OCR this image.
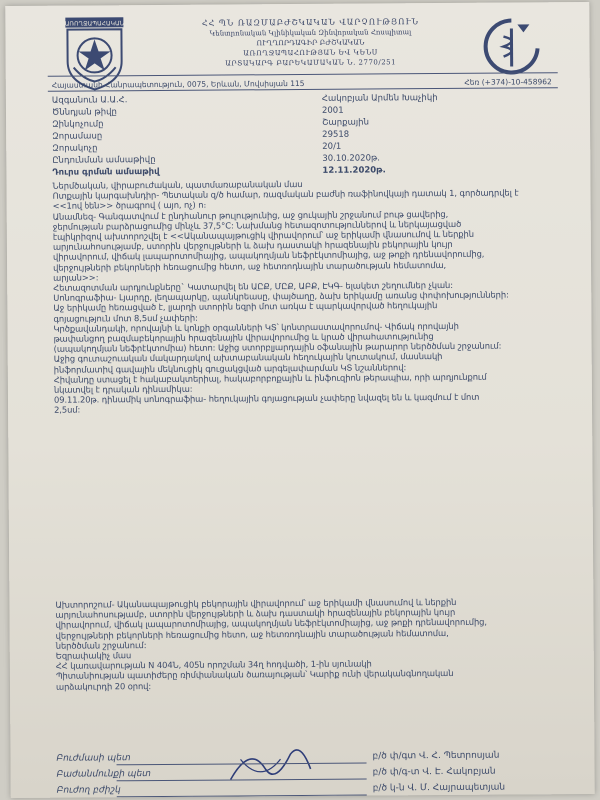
ԱՌՈՂՋԱՊԱՀԱԿԱՆ	ՀՀ ՊՆ ՌԱԶՄԱԲԺՇԿԱԿԱՆ ՎԱՐՉՈՒԹՅՈՒՆ
Կենտրոնական Կլինիկական Զինվորական Հոսպիտալ
ՈՒՂՂՈՐԴԱԳԻՐ ԲԺՇԿԱԿԱՆ
ԱՌՈՂՋԱՊԱՀՈՒԹՅԱՆ ԵՎ ԿԵՆՍ
ԱՐՏԱԿԱՐԳ ԲԱՐԵԿԱՄԱԿԱՆ Ն. 2770/251
Հայաստանի Հանրապետություն, 0075, Երևան, Մովսիսյան 115	Հեռ (+374)-10-458962
Ազգանուն Ա.Ա.Հ.	Հակոբյան Արմեն Խաչիկի
Ծննդյան թիվը	2001
Զինկոչումը	Շարքային
Զորամասը	29518
Զորակոչը	20/1
Ընդունման ամսաթիվը	30.10.2020թ.
Դուրս գրման ամսաթիվ	12.11.2020թ.
Ներմծական, վիրաբուժական, պատմառաբանական մաս
Ոտքային կարգախնդիր- Պետական զ/ծ համար, ռազմական բաժնի ռաֆինովկայի դատակ 1, գործադրվել է
<<1ով ხեն>> ծրագրով ( այո, ոչ) ո։
Անամնեզ- Գանգատվում է ընդհանուր թուլությունից, աջ ցուկային շրջանում բութ ցավերից,
ջերմության բարձրացումից մինչև 37,5°C: Նախմանց հետազոտություններով և ներկայացված
էպիկրիզով ախտորոշվել է <<Ականապայթուցիկ վիրավորում՝ աջ երիկամի վնասումով և ներքին
արյունահոսությամբ, ստորին վերջույթների և ձախ դաստակի հրազենային բեկորային կույր
վիրավորում, վիճակ լապարոտոմիայից, ապակողմյան նեֆրէկտոմիայից, աջ թոքի դրենավորումից,
վերջույթների բեկորների հեռացումից հետո, աջ հետռոդնային տարածության հեմատոմա,
արյան>>:
Հետազոտման արդյունքները` Կատարվել են ԱԸՔ, ՄԸՔ, ԱԲՔ, ԷԿԳ- ելակետ շեղումներ չկան:
Սոնոգրաֆիա- Լյարդը, լեղապարկը, պանկրեասը, փայծաղը, ձախ երիկամը առանց փոփոխությունների:
Աջ երիկամը հեռացված է, լյարդի ստորին եզրի մոտ առկա է պարկավորված հեղուկային
գոյացություն մոտ 8,5սմ չափերի:
Կրծքավանդակի, որովայնի և կոնքի օրգանների ԿՏ՝ կոնտրաստավորումով- Վիճակ որովայնի
թափանցող բազմաբեկորային հրազենային վիրավորումից և կրած վիրահատությունից
(ապակողմյան նեֆրէկտոմիա) հետո: Աջից ստորբլյարդային օֆանային թարարոր ներծծման շրջանում:
Աջից գուտաշուական մակարդակով ախտաբանական հեղուկային կուտակում, մասնակի
ինֆորմատիվ գավային մեկնուցիկ գուցակցված արգելափարման ԿՏ նշաններով:
Հիվանդը ստացել է հակաբակտերիալ, հակաբորբոքային և ինֆուզիոն թերապիա, որի արդյունքում
նկատվել է դրական դինամիկա:
09.11.20թ. դինամիկ սոնոգրաֆիա- հեղուկային գոյացության չափերը նվազել են և կազմում է մոտ
2,5սմ:
Ախտորոշում- Ականապայթուցիկ բեկորային վիրավորում՝ աջ երիկամի վնասումով և ներքին
արյունահոսությամբ, ստորին վերջույթների և ձախ դաստակի հրազենային բեկորային կույր
վիրավորում, վիճակ լապարոտոմիայից, ապակողմյան նեֆրէկտոմիայից, աջ թոքի դրենավորումից,
վերջույթների բեկորների հեռացումից հետո, աջ հետռոդնային տարածության հեմատոմա,
ներծծման շրջանում:
Եզրափակիչ մաս
ՀՀ կառավարության N 404Ն, 405ն որոշման 34ղ հոդվածի, 1-ին սյունակի
Պիտանիության պատիժերը ռիմփանական ծառայության՝ Կարիք ունի վերականգնողական
արձակուրդի 20 օրով:
Բուժմասի պետ	բ/ծ փ/գտ Վ. Հ. Պետրոսյան
Բաժանմունքի պետ	բ/ծ փ/գ-տ Վ. Է. Հակոբյան
Բուժող բժիշկ	բ/ծ կ-ն Վ. Մ. Հայրապետյան
